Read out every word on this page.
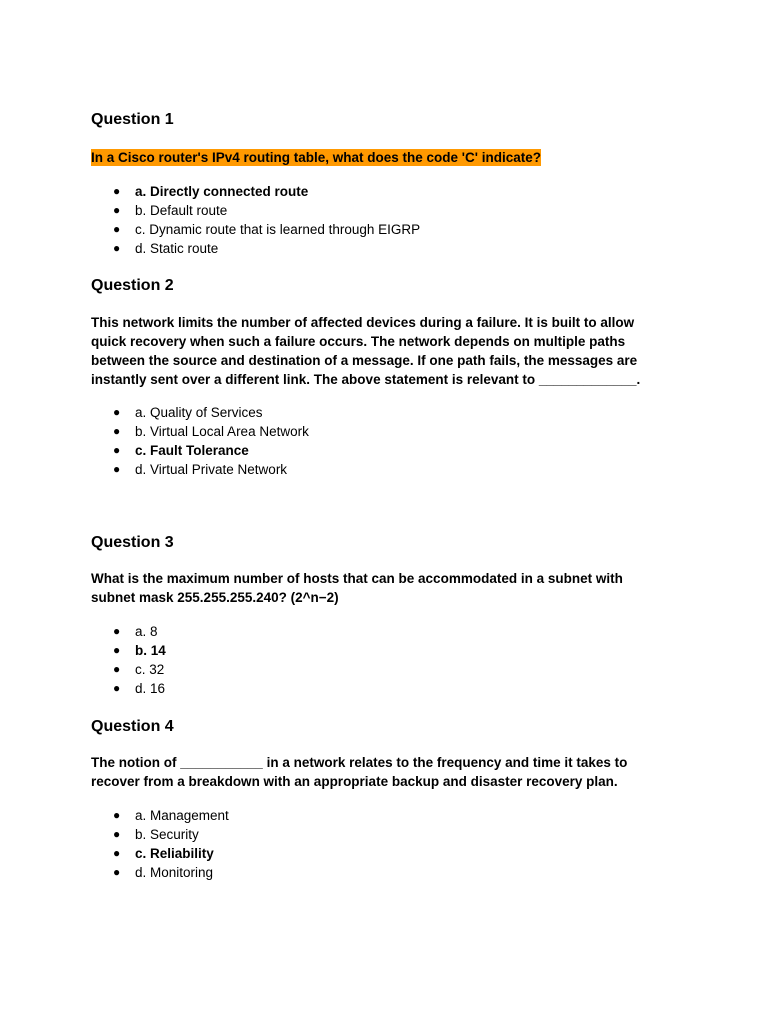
Question 1

In a Cisco router's IPv4 routing table, what does the code 'C' indicate?

● a. Directly connected route
● b. Default route
● c. Dynamic route that is learned through EIGRP
● d. Static route
Question 2

This network limits the number of affected devices during a failure. It is built to allow quick recovery when such a failure occurs. The network depends on multiple paths between the source and destination of a message. If one path fails, the messages are instantly sent over a different link. The above statement is relevant to _____________.

● a. Quality of Services
● b. Virtual Local Area Network
● c. Fault Tolerance
● d. Virtual Private Network
Question 3

What is the maximum number of hosts that can be accommodated in a subnet with subnet mask 255.255.255.240? (2^n−2)

● a. 8
● b. 14
● c. 32
● d. 16
Question 4

The notion of ___________ in a network relates to the frequency and time it takes to recover from a breakdown with an appropriate backup and disaster recovery plan.

● a. Management
● b. Security
● c. Reliability
● d. Monitoring
